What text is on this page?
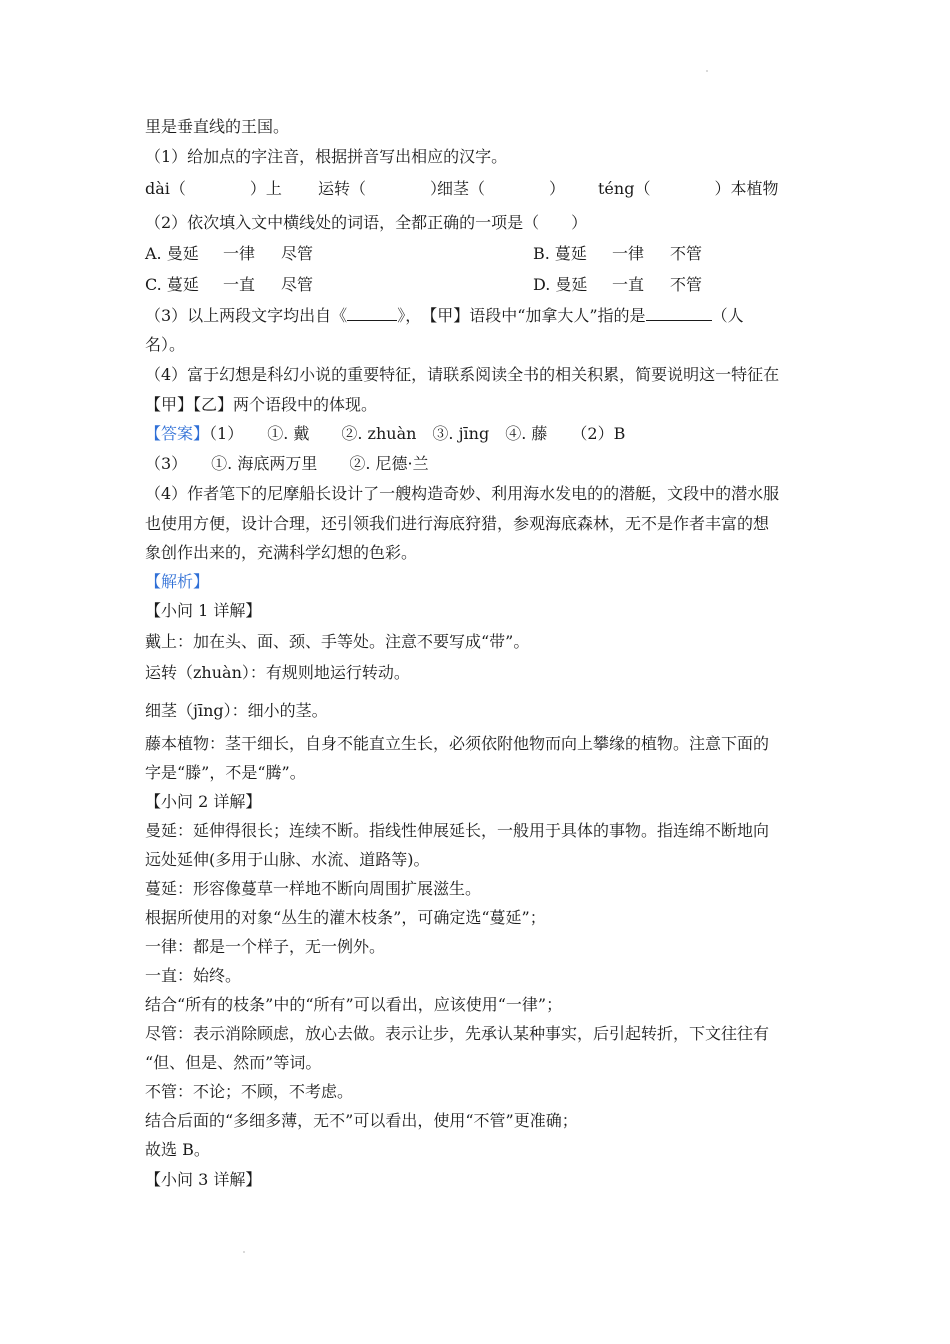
里是垂直线的王国。
（1）给加点的字注音，根据拼音写出相应的汉字。
dài（　　　　）上 运转（　　　　）
细茎（　　　　） téng（　　　　）本植物
（2）依次填入文中横线处的词语，全都正确的一项是（　　）
A. 曼延 一律 尽管	B. 蔓延 一律 不管
C. 蔓延 一直 尽管	D. 曼延 一直 不管
（3）以上两段文字均出自《	》，　【甲】语段中“加拿大人”指的是	（人
名）。
（4）富于幻想是科幻小说的重要特征，请联系阅读全书的相关积累，简要说明这一特征在
【甲】【乙】两个语段中的体现。
【答案】（1）　　①. 戴　　②. zhuàn　③. jīng　④. 藤　　（2）B
（3）　　①. 海底两万里　　②. 尼德·兰
（4）作者笔下的尼摩船长设计了一艘构造奇妙、利用海水发电的的潜艇，文段中的潜水服
也使用方便，设计合理，还引领我们进行海底狩猎，参观海底森林，无不是作者丰富的想
象创作出来的，充满科学幻想的色彩。
【解析】
【小问 1 详解】
戴上：加在头、面、颈、手等处。注意不要写成“带”。
运转（zhuàn）：有规则地运行转动。
细茎（jīng）：细小的茎。
藤本植物：茎干细长，自身不能直立生长，必须依附他物而向上攀缘的植物。注意下面的
字是“滕”，不是“腾”。
【小问 2 详解】
曼延：延伸得很长；连续不断。指线性伸展延长，一般用于具体的事物。指连绵不断地向
远处延伸(多用于山脉、水流、道路等)。
蔓延：形容像蔓草一样地不断向周围扩展滋生。
根据所使用的对象“丛生的灌木枝条”，可确定选“蔓延”；
一律：都是一个样子，无一例外。
一直：始终。
结合“所有的枝条”中的“所有”可以看出，应该使用“一律”；
尽管：表示消除顾虑，放心去做。表示让步，先承认某种事实，后引起转折，下文往往有
“但、但是、然而”等词。
不管：不论；不顾，不考虑。
结合后面的“多细多薄，无不”可以看出，使用“不管”更准确；
故选 B。
【小问 3 详解】
